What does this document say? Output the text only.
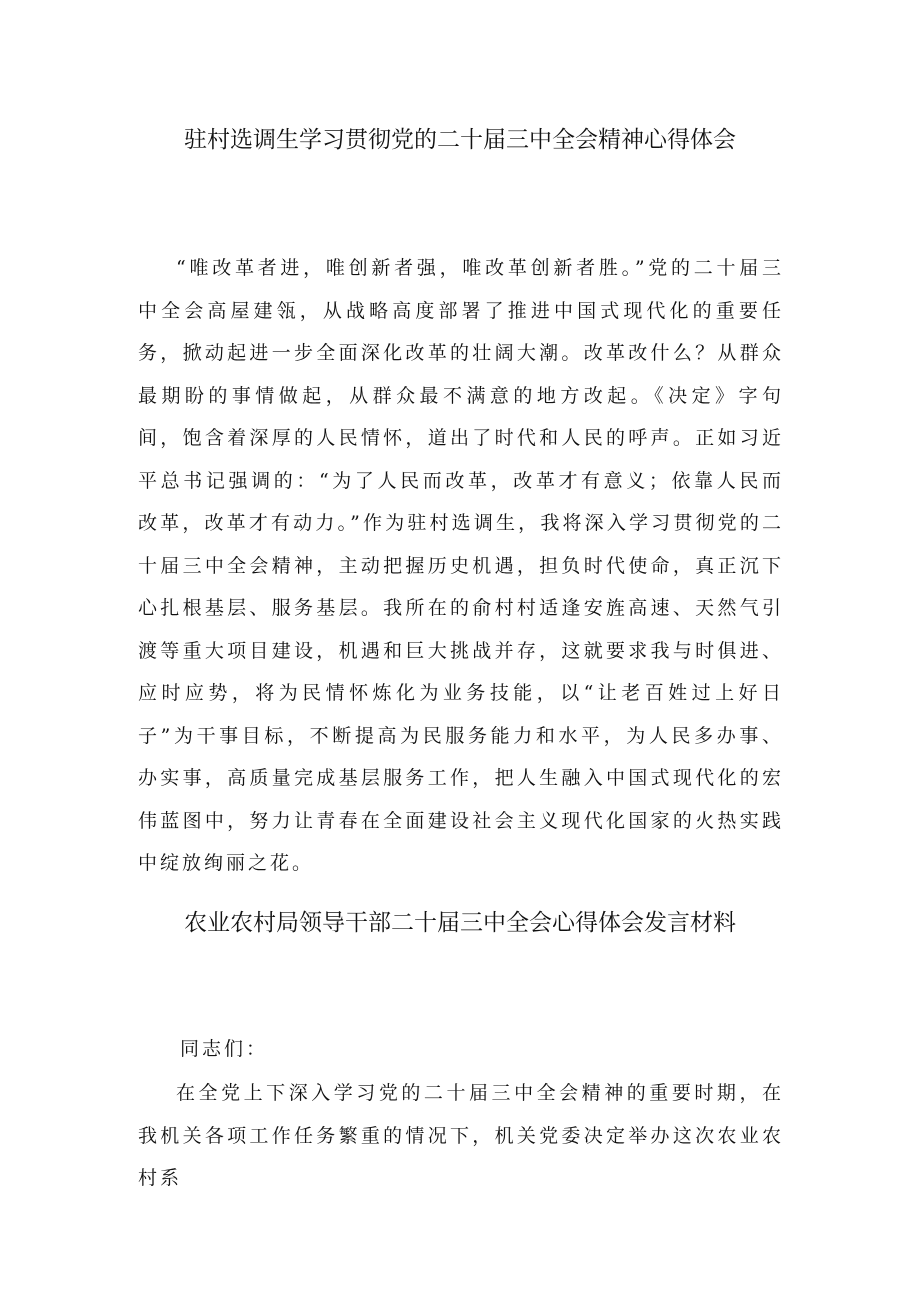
驻村选调生学习贯彻党的二十届三中全会精神心得体会
“唯改革者进，唯创新者强，唯改革创新者胜。”党的二十届三中全会高屋建瓴，从战略高度部署了推进中国式现代化的重要任务，掀动起进一步全面深化改革的壮阔大潮。改革改什么？从群众最期盼的事情做起，从群众最不满意的地方改起。《决定》字句间，饱含着深厚的人民情怀，道出了时代和人民的呼声。正如习近平总书记强调的：“为了人民而改革，改革才有意义；依靠人民而改革，改革才有动力。”作为驻村选调生，我将深入学习贯彻党的二十届三中全会精神，主动把握历史机遇，担负时代使命，真正沉下心扎根基层、服务基层。我所在的俞村村适逢安旌高速、天然气引渡等重大项目建设，机遇和巨大挑战并存，这就要求我与时俱进、应时应势，将为民情怀炼化为业务技能，以“让老百姓过上好日子”为干事目标，不断提高为民服务能力和水平，为人民多办事、办实事，高质量完成基层服务工作，把人生融入中国式现代化的宏伟蓝图中，努力让青春在全面建设社会主义现代化国家的火热实践中绽放绚丽之花。
农业农村局领导干部二十届三中全会心得体会发言材料
同志们：
在全党上下深入学习党的二十届三中全会精神的重要时期，在我机关各项工作任务繁重的情况下，机关党委决定举办这次农业农村系
